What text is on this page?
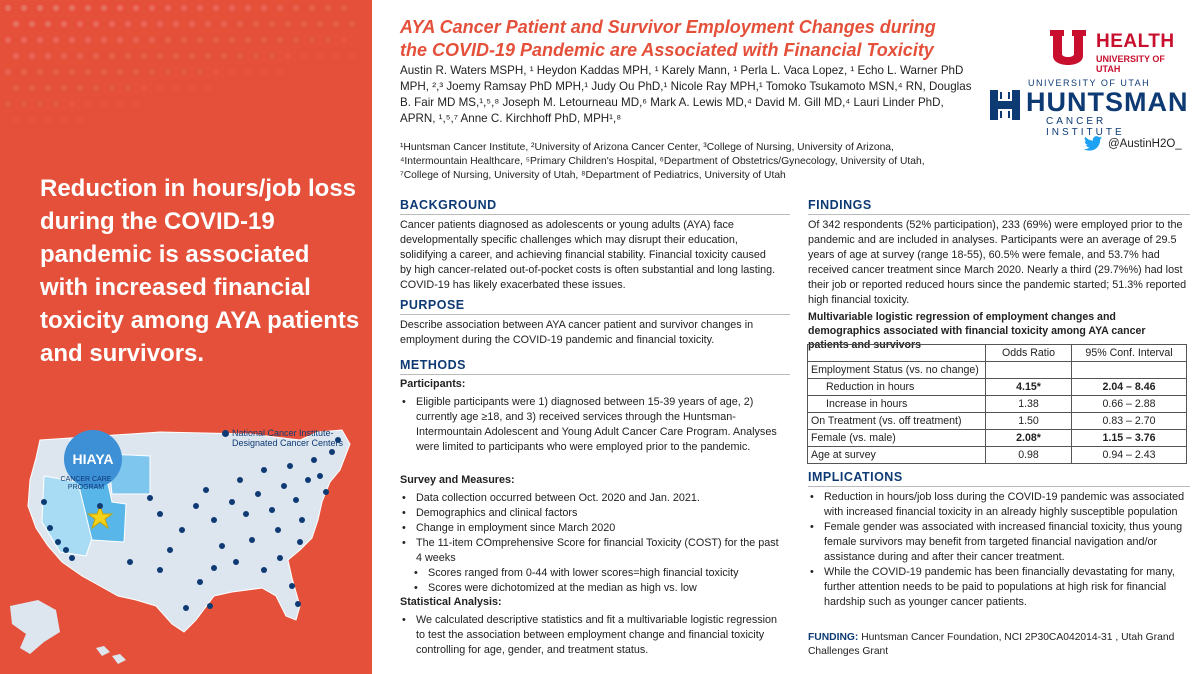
Reduction in hours/job loss during the COVID-19 pandemic is associated with increased financial toxicity among AYA patients and survivors.
HIAYA
CANCER CARE PROGRAM
National Cancer Institute-
Designated Cancer Centers
AYA Cancer Patient and Survivor Employment Changes during
the COVID-19 Pandemic are Associated with Financial Toxicity
Austin R. Waters MSPH, ¹ Heydon Kaddas MPH, ¹ Karely Mann, ¹ Perla L. Vaca Lopez, ¹ Echo L. Warner PhD MPH, ²,³ Joemy Ramsay PhD MPH,¹ Judy Ou PhD,¹ Nicole Ray MPH,¹ Tomoko Tsukamoto MSN,⁴ RN, Douglas B. Fair MD MS,¹,⁵,⁸ Joseph M. Letourneau MD,⁶ Mark A. Lewis MD,⁴ David M. Gill MD,⁴ Lauri Linder PhD, APRN, ¹,⁵,⁷ Anne C. Kirchhoff PhD, MPH¹,⁸
¹Huntsman Cancer Institute, ²University of Arizona Cancer Center, ³College of Nursing, University of Arizona,
⁴Intermountain Healthcare, ⁵Primary Children's Hospital, ⁶Department of Obstetrics/Gynecology, University of Utah,
⁷College of Nursing, University of Utah, ⁸Department of Pediatrics, University of Utah
HEALTH
UNIVERSITY OF UTAH
UNIVERSITY OF UTAH
HUNTSMAN
CANCER INSTITUTE
@AustinH2O_
BACKGROUND
Cancer patients diagnosed as adolescents or young adults (AYA) face developmentally specific challenges which may disrupt their education, solidifying a career, and achieving financial stability. Financial toxicity caused by high cancer-related out-of-pocket costs is often substantial and long lasting. COVID-19 has likely exacerbated these issues.
PURPOSE
Describe association between AYA cancer patient and survivor changes in employment during the COVID-19 pandemic and financial toxicity.
METHODS
Participants:
• Eligible participants were 1) diagnosed between 15-39 years of age, 2) currently age ≥18, and 3) received services through the Huntsman-Intermountain Adolescent and Young Adult Cancer Care Program. Analyses were limited to participants who were employed prior to the pandemic.
Survey and Measures:
• Data collection occurred between Oct. 2020 and Jan. 2021.
• Demographics and clinical factors
• Change in employment since March 2020
• The 11-item COmprehensive Score for financial Toxicity (COST) for the past 4 weeks
• Scores ranged from 0-44 with lower scores=high financial toxicity
• Scores were dichotomized at the median as high vs. low
Statistical Analysis:
• We calculated descriptive statistics and fit a multivariable logistic regression to test the association between employment change and financial toxicity controlling for age, gender, and treatment status.
FINDINGS
Of 342 respondents (52% participation), 233 (69%) were employed prior to the pandemic and are included in analyses. Participants were an average of 29.5 years of age at survey (range 18-55), 60.5% were female, and 53.7% had received cancer treatment since March 2020. Nearly a third (29.7%%) had lost their job or reported reduced hours since the pandemic started; 51.3% reported high financial toxicity.
Multivariable logistic regression of employment changes and demographics associated with financial toxicity among AYA cancer patients and survivors
	Odds Ratio	95% Conf. Interval
Employment Status (vs. no change)		
Reduction in hours	4.15*	2.04 – 8.46
Increase in hours	1.38	0.66 – 2.88
On Treatment (vs. off treatment)	1.50	0.83 – 2.70
Female (vs. male)	2.08*	1.15 – 3.76
Age at survey	0.98	0.94 – 2.43
IMPLICATIONS
• Reduction in hours/job loss during the COVID-19 pandemic was associated with increased financial toxicity in an already highly susceptible population
• Female gender was associated with increased financial toxicity, thus young female survivors may benefit from targeted financial navigation and/or assistance during and after their cancer treatment.
• While the COVID-19 pandemic has been financially devastating for many, further attention needs to be paid to populations at high risk for financial hardship such as younger cancer patients.
FUNDING: Huntsman Cancer Foundation, NCI 2P30CA042014-31 , Utah Grand Challenges Grant
